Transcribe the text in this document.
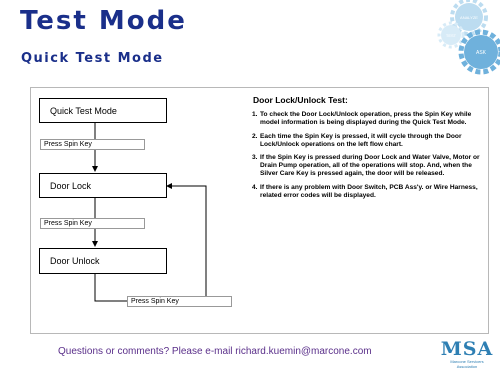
Test Mode
Quick Test Mode
ANALYZE
TEST
ASK
Quick Test Mode
Door Lock
Door Unlock
Press Spin Key
Press Spin Key
Press Spin Key
Door Lock/Unlock Test:
1. To check the Door Lock/Unlock operation, press the Spin Key while model information is being displayed during the Quick Test Mode.
2. Each time the Spin Key is pressed, it will cycle through the Door Lock/Unlock operations on the left flow chart.
3. If the Spin Key is pressed during Door Lock and Water Valve, Motor or Drain Pump operation, all of the operations will stop. And, when the Silver Care Key is pressed again, the door will be released.
4. If there is any problem with Door Switch, PCB Ass'y. or Wire Harness, related error codes will be displayed.
Questions or comments? Please e-mail richard.kuemin@marcone.com	MSA
Marcone Servicers Association
